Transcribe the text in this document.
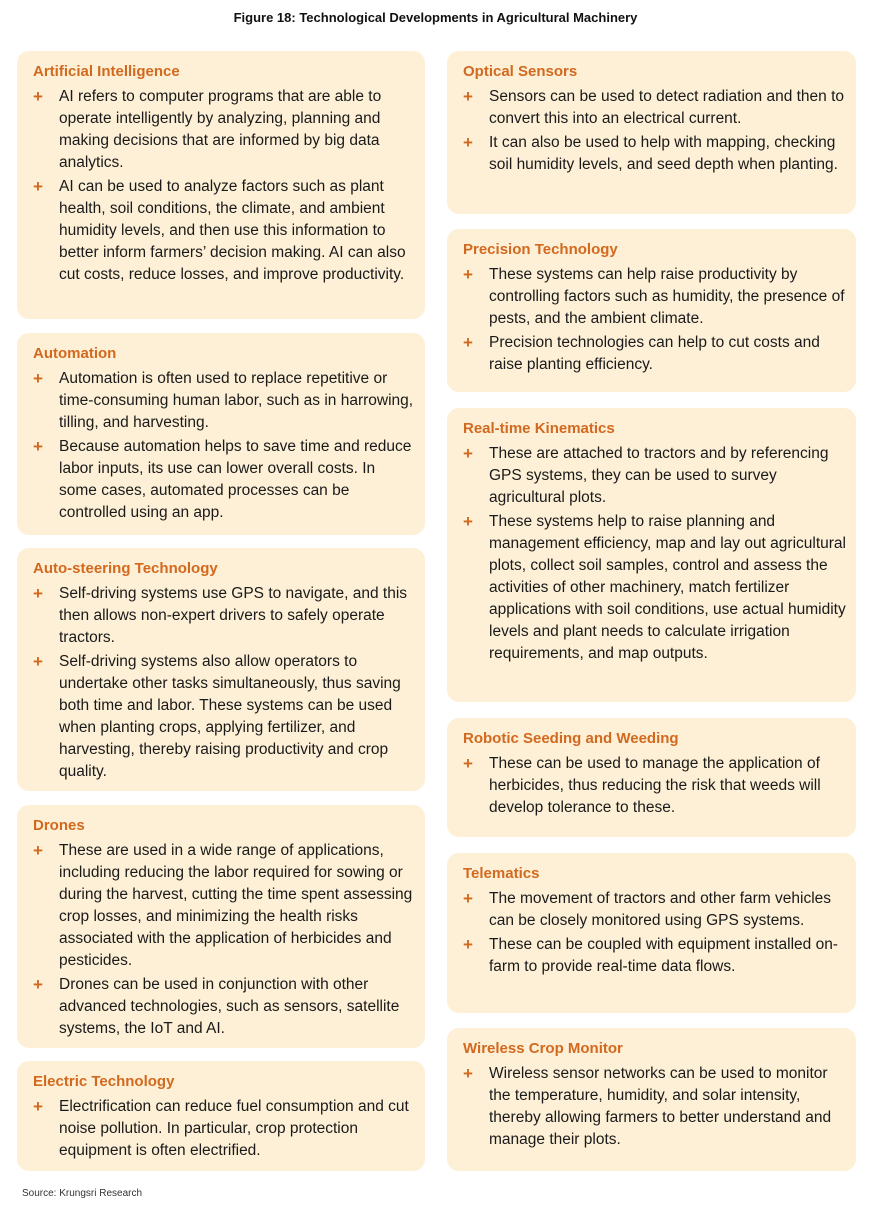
Figure 18: Technological Developments in Agricultural Machinery
Artificial Intelligence
+ AI refers to computer programs that are able to operate intelligently by analyzing, planning and making decisions that are informed by big data analytics.
+ AI can be used to analyze factors such as plant health, soil conditions, the climate, and ambient humidity levels, and then use this information to better inform farmers’ decision making. AI can also cut costs, reduce losses, and improve productivity.
Automation
+ Automation is often used to replace repetitive or time-consuming human labor, such as in harrowing, tilling, and harvesting.
+ Because automation helps to save time and reduce labor inputs, its use can lower overall costs. In some cases, automated processes can be controlled using an app.
Auto-steering Technology
+ Self-driving systems use GPS to navigate, and this then allows non-expert drivers to safely operate tractors.
+ Self-driving systems also allow operators to undertake other tasks simultaneously, thus saving both time and labor. These systems can be used when planting crops, applying fertilizer, and harvesting, thereby raising productivity and crop quality.
Drones
+ These are used in a wide range of applications, including reducing the labor required for sowing or during the harvest, cutting the time spent assessing crop losses, and minimizing the health risks associated with the application of herbicides and pesticides.
+ Drones can be used in conjunction with other advanced technologies, such as sensors, satellite systems, the IoT and AI.
Electric Technology
+ Electrification can reduce fuel consumption and cut noise pollution. In particular, crop protection equipment is often electrified.
Optical Sensors
+ Sensors can be used to detect radiation and then to convert this into an electrical current.
+ It can also be used to help with mapping, checking soil humidity levels, and seed depth when planting.
Precision Technology
+ These systems can help raise productivity by controlling factors such as humidity, the presence of pests, and the ambient climate.
+ Precision technologies can help to cut costs and raise planting efficiency.
Real-time Kinematics
+ These are attached to tractors and by referencing GPS systems, they can be used to survey agricultural plots.
+ These systems help to raise planning and management efficiency, map and lay out agricultural plots, collect soil samples, control and assess the activities of other machinery, match fertilizer applications with soil conditions, use actual humidity levels and plant needs to calculate irrigation requirements, and map outputs.
Robotic Seeding and Weeding
+ These can be used to manage the application of herbicides, thus reducing the risk that weeds will develop tolerance to these.
Telematics
+ The movement of tractors and other farm vehicles can be closely monitored using GPS systems.
+ These can be coupled with equipment installed on-farm to provide real-time data flows.
Wireless Crop Monitor
+ Wireless sensor networks can be used to monitor the temperature, humidity, and solar intensity, thereby allowing farmers to better understand and manage their plots.
Source: Krungsri Research
